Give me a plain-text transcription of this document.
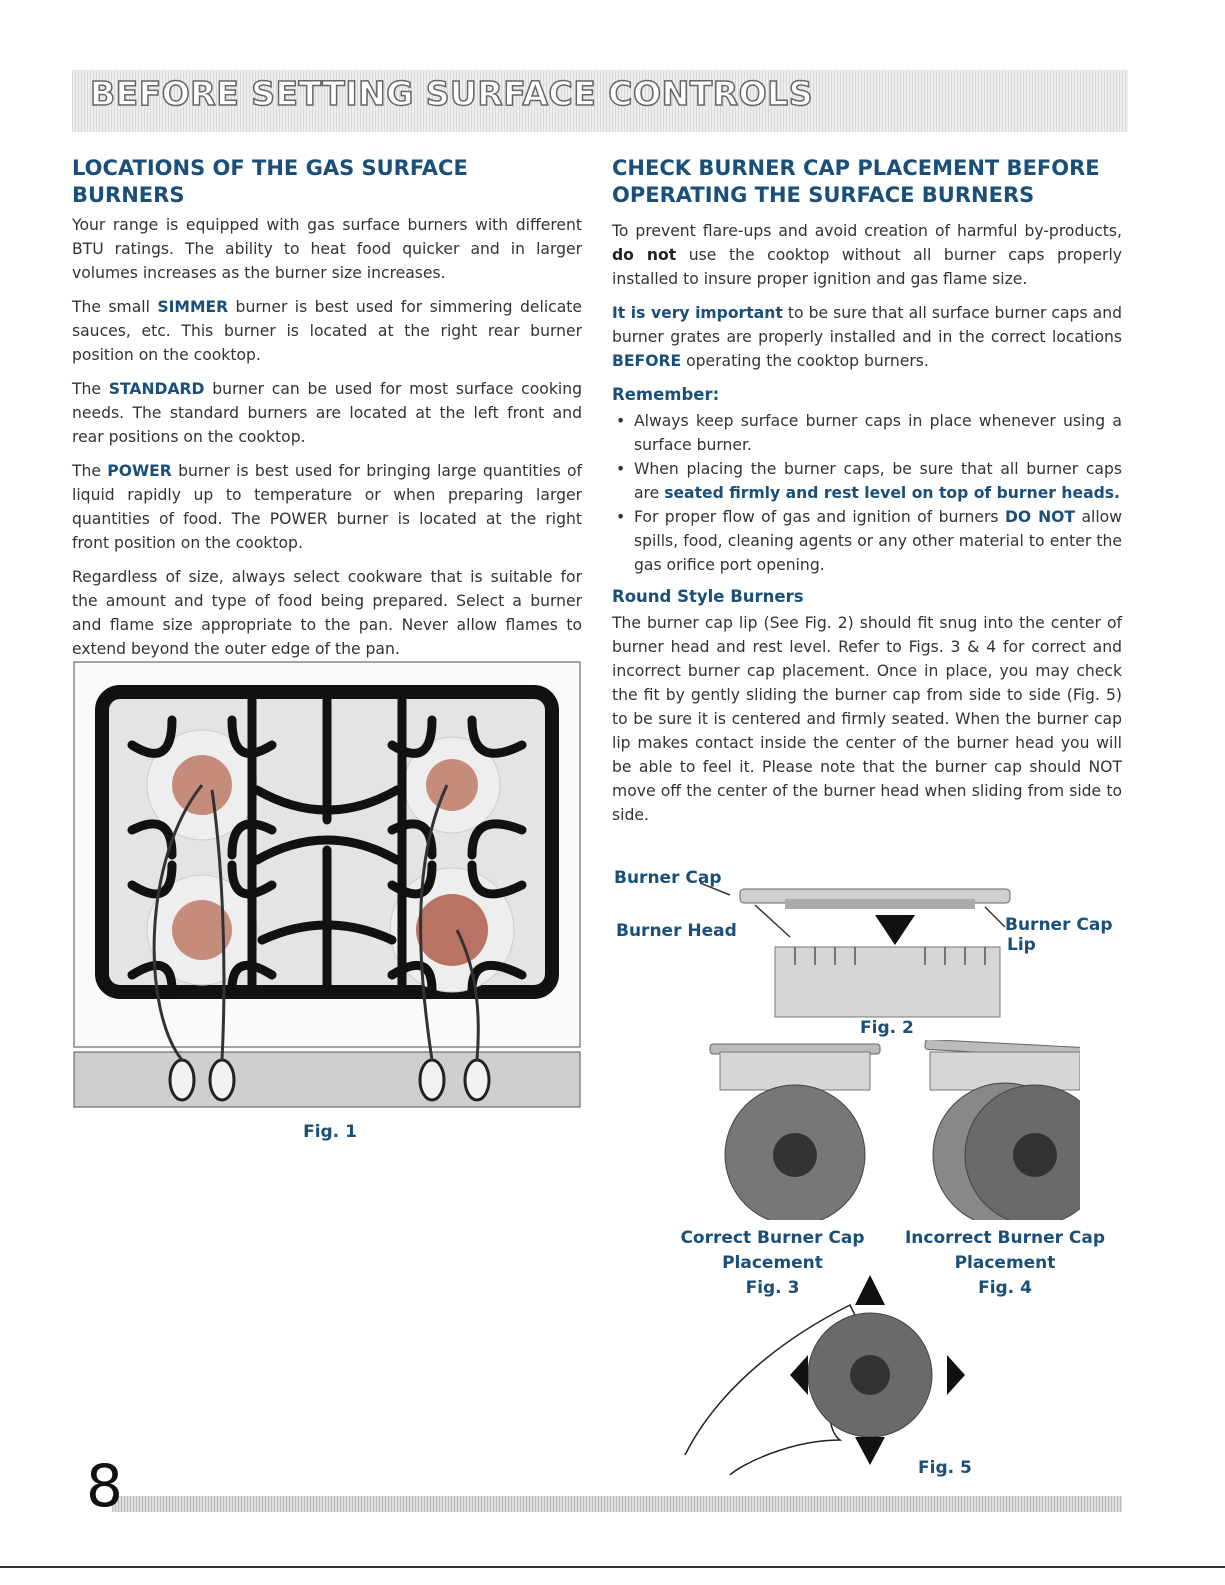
BEFORE SETTING SURFACE CONTROLS
LOCATIONS OF THE GAS SURFACE BURNERS

Your range is equipped with gas surface burners with different BTU ratings. The ability to heat food quicker and in larger volumes increases as the burner size increases.

The small SIMMER burner is best used for simmering delicate sauces, etc. This burner is located at the right rear burner position on the cooktop.

The STANDARD burner can be used for most surface cooking needs. The standard burners are located at the left front and rear positions on the cooktop.

The POWER burner is best used for bringing large quantities of liquid rapidly up to temperature or when preparing larger quantities of food. The POWER burner is located at the right front position on the cooktop.

Regardless of size, always select cookware that is suitable for the amount and type of food being prepared. Select a burner and flame size appropriate to the pan. Never allow flames to extend beyond the outer edge of the pan.

Fig. 1
CHECK BURNER CAP PLACEMENT BEFORE OPERATING THE SURFACE BURNERS

To prevent flare-ups and avoid creation of harmful by-products, do not use the cooktop without all burner caps properly installed to insure proper ignition and gas flame size.

It is very important to be sure that all surface burner caps and burner grates are properly installed and in the correct locations BEFORE operating the cooktop burners.

Remember:
• Always keep surface burner caps in place whenever using a surface burner.
• When placing the burner caps, be sure that all burner caps are seated firmly and rest level on top of burner heads.
• For proper flow of gas and ignition of burners DO NOT allow spills, food, cleaning agents or any other material to enter the gas orifice port opening.
Round Style Burners

The burner cap lip (See Fig. 2) should fit snug into the center of burner head and rest level. Refer to Figs. 3 & 4 for correct and incorrect burner cap placement. Once in place, you may check the fit by gently sliding the burner cap from side to side (Fig. 5) to be sure it is centered and firmly seated. When the burner cap lip makes contact inside the center of the burner head you will be able to feel it. Please note that the burner cap should NOT move off the center of the burner head when sliding from side to side.

Burner Cap
Burner Head	Burner Cap
Lip
Fig. 2
Correct Burner Cap
Placement
Fig. 3
Incorrect Burner Cap
Placement
Fig. 4
Fig. 5
8
